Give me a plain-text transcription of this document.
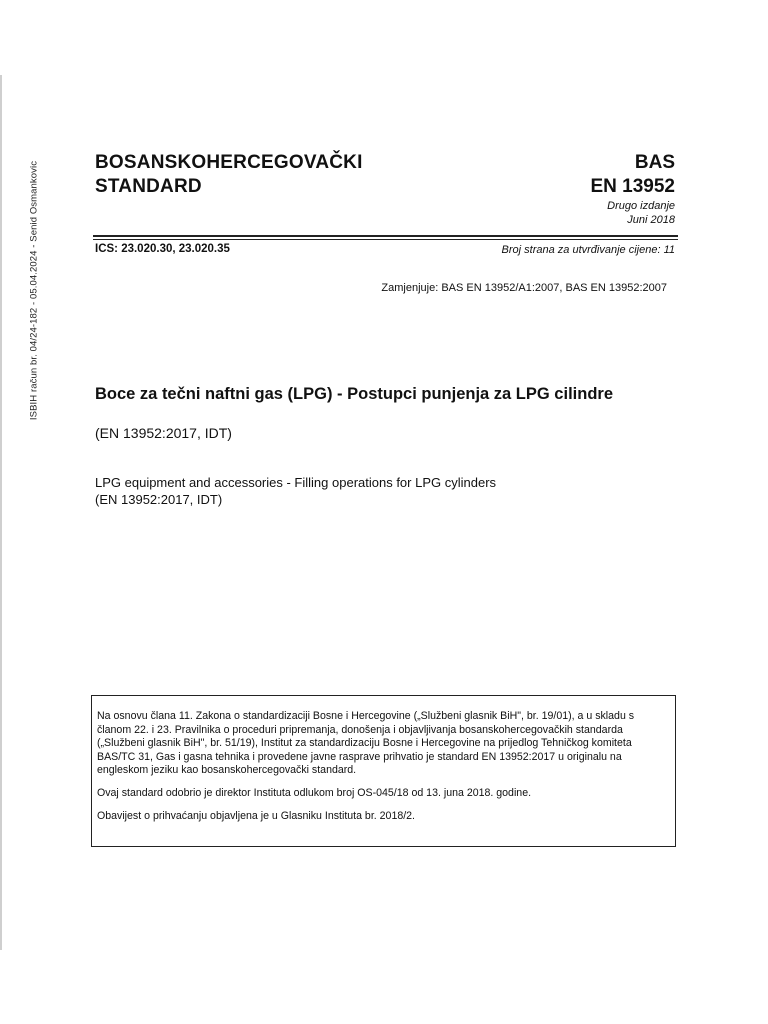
ISBIH račun br. 04/24-182 - 05.04.2024 - Senid Osmankovic	BOSANSKOHERCEGOVAČKI
STANDARD
BAS
EN 13952
Drugo izdanje
Juni 2018
ICS: 23.020.30, 23.020.35	Broj strana za utvrđivanje cijene: 11
Zamjenjuje: BAS EN 13952/A1:2007, BAS EN 13952:2007
Boce za tečni naftni gas (LPG) - Postupci punjenja za LPG cilindre
(EN 13952:2017, IDT)
LPG equipment and accessories - Filling operations for LPG cylinders
(EN 13952:2017, IDT)

Na osnovu člana 11. Zakona o standardizaciji Bosne i Hercegovine („Službeni glasnik BiH", br. 19/01), a u skladu s članom 22. i 23. Pravilnika o proceduri pripremanja, donošenja i objavljivanja bosanskohercegovačkih standarda („Službeni glasnik BiH", br. 51/19), Institut za standardizaciju Bosne i Hercegovine na prijedlog Tehničkog komiteta BAS/TC 31, Gas i gasna tehnika i provedene javne rasprave prihvatio je standard EN 13952:2017 u originalu na engleskom jeziku kao bosanskohercegovački standard.

Ovaj standard odobrio je direktor Instituta odlukom broj OS-045/18 od 13. juna 2018. godine.

Obavijest o prihvaćanju objavljena je u Glasniku Instituta br. 2018/2.
